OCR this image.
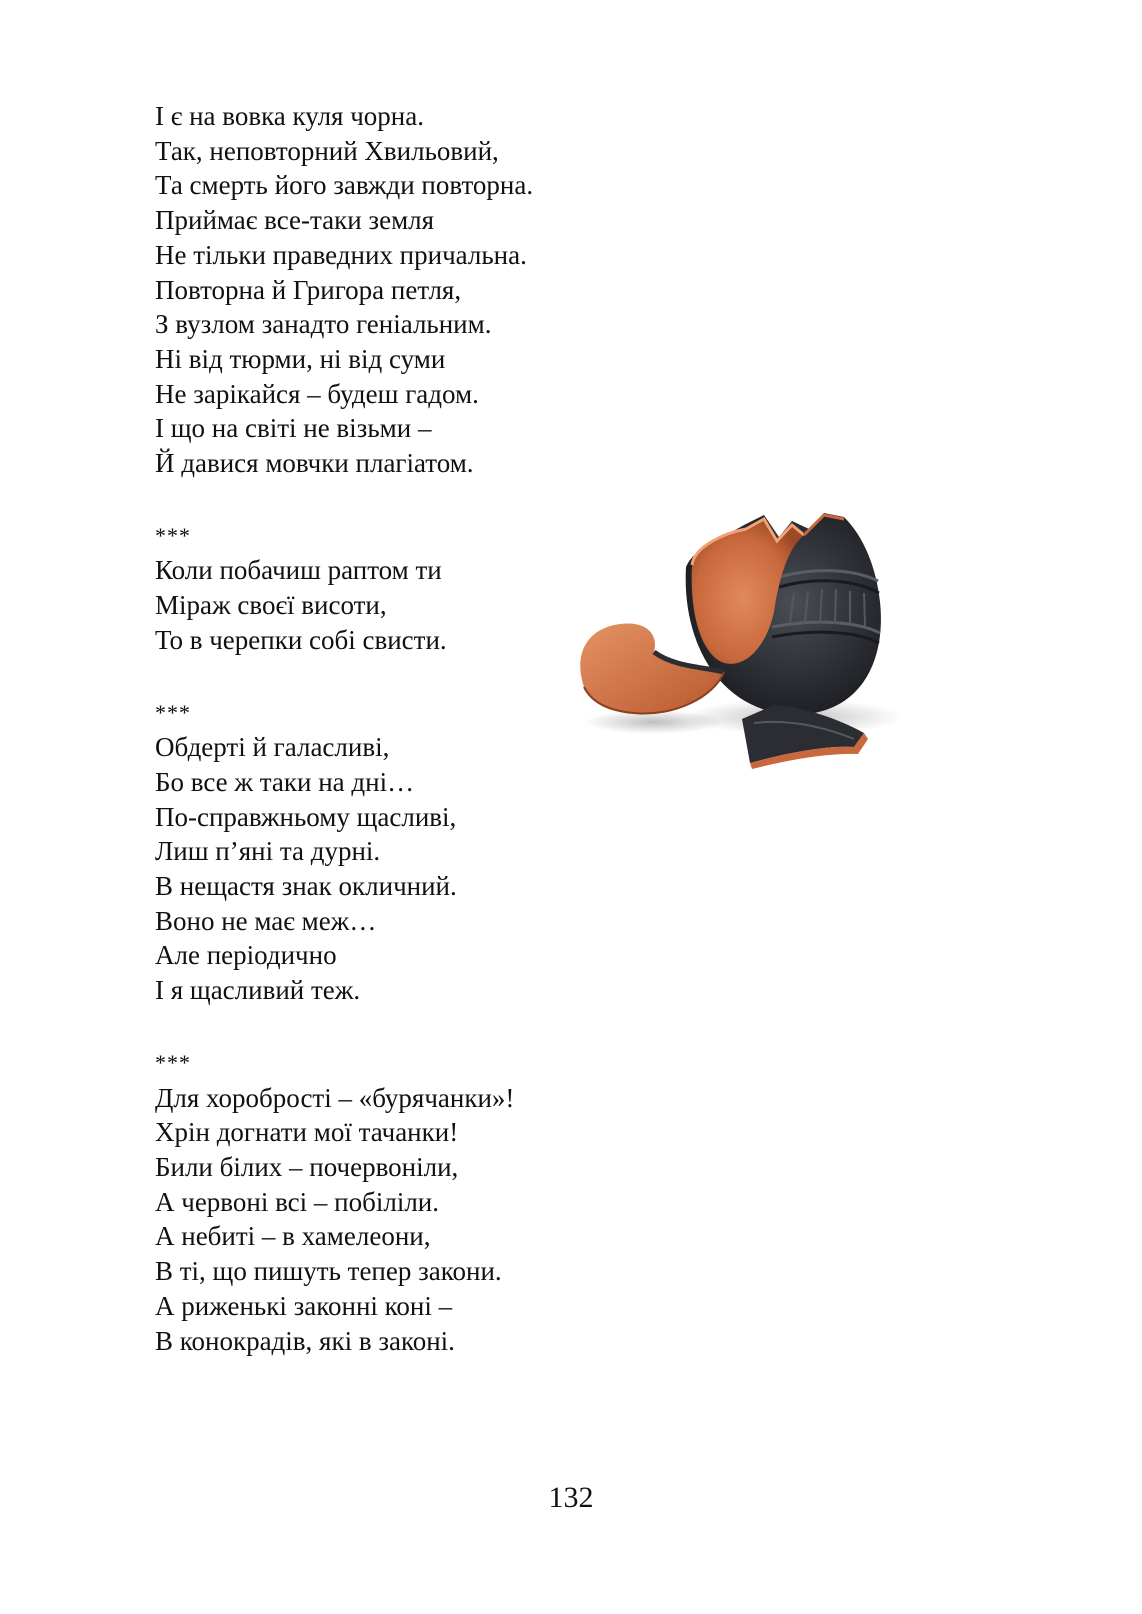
І є на вовка куля чорна.
Так, неповторний Хвильовий,
Та смерть його завжди повторна.
Приймає все-таки земля
Не тільки праведних причальна.
Повторна й Григора петля,
З вузлом занадто геніальним.
Ні від тюрми, ні від суми
Не зарікайся – будеш гадом.
І що на світі не візьми –
Й давися мовчки плагіатом.
***
Коли побачиш раптом ти
Міраж своєї висоти,
То в черепки собі свисти.
***
Обдерті й галасливі,
Бо все ж таки на дні…
По-справжньому щасливі,
Лиш п’яні та дурні.
В нещастя знак окличний.
Воно не має меж…
Але періодично
І я щасливий теж.
***
Для хоробрості – «бурячанки»!
Хрін догнати мої тачанки!
Били білих – почервоніли,
А червоні всі – побіліли.
А небиті – в хамелеони,
В ті, що пишуть тепер закони.
А риженькі законні коні –
В конокрадів, які в законі.
132
